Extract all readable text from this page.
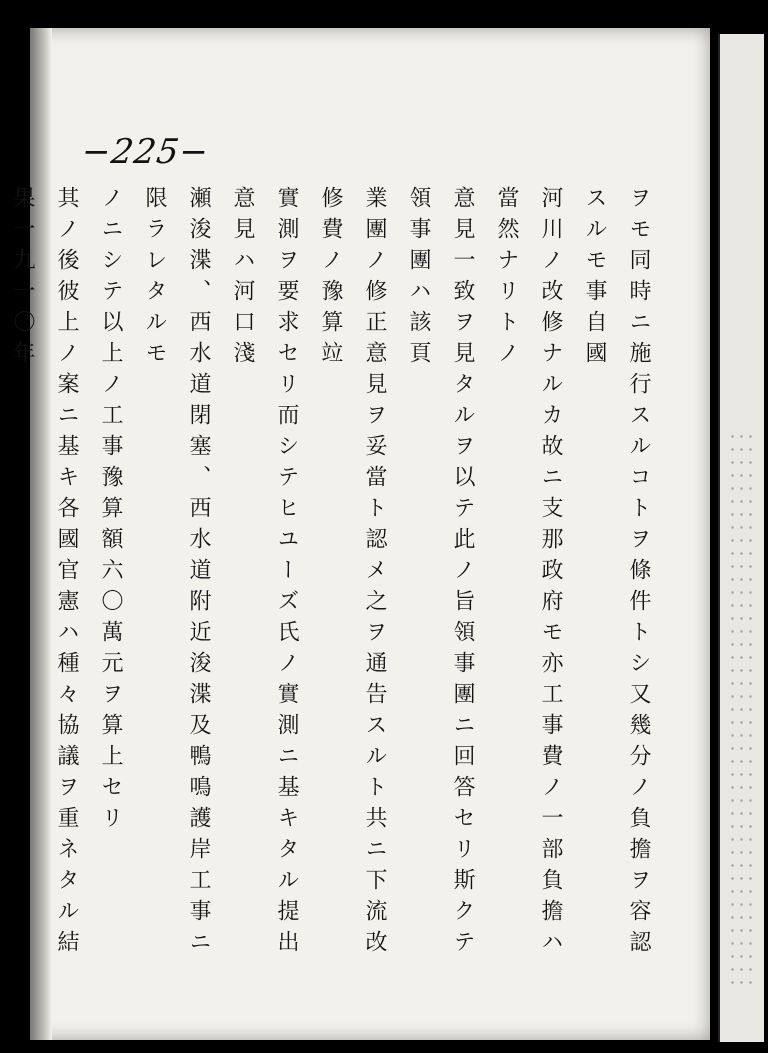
−225−
ヲモ同時ニ施行スルコトヲ條件トシ又幾分ノ負擔ヲ容認スルモ事自國
河川ノ改修ナルカ故ニ支那政府モ亦工事費ノ一部負擔ハ當然ナリトノ
意見一致ヲ見タルヲ以テ此ノ旨領事團ニ回答セリ斯クテ領事團ハ該頁
業團ノ修正意見ヲ妥當ト認メ之ヲ通告スルト共ニ下流改修費ノ豫算竝
實測ヲ要求セリ而シテヒユーズ氏ノ實測ニ基キタル提出意見ハ河口淺
瀬浚渫、西水道閉塞、西水道附近浚渫及鴨鳴護岸工事ニ限ラレタルモ
ノニシテ以上ノ工事豫算額六〇萬元ヲ算上セリ
其ノ後彼上ノ案ニ基キ各國官憲ハ種々協議ヲ重ネタル結果一九一〇年
